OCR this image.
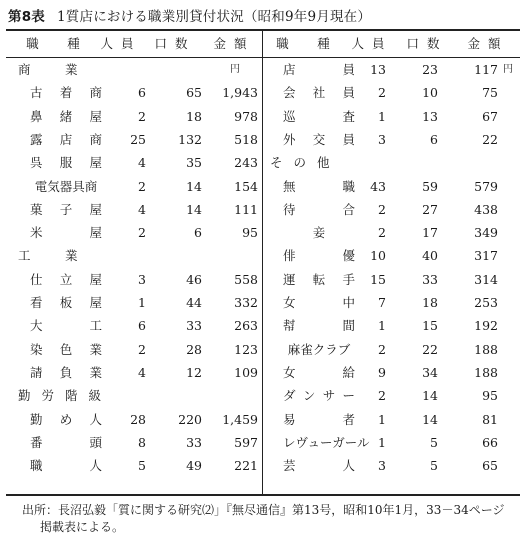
第8表 1質店における職業別貸付状況（昭和9年9月現在）
職　種	人員	口数	金額	職　種	人員	口数	金額
円	円
商　業
古着商	6	65	1,943
鼻緒屋	2	18	978
露店商	25	132	518
呉服屋	4	35	243
電気器具商	2	14	154
菓子屋	4	14	111
米　屋	2	6	95
工　業
仕立屋	3	46	558
看板屋	1	44	332
大　工	6	33	263
染色業	2	28	123
請負業	4	12	109
勤労階級
勤め人	28	220	1,459
番　頭	8	33	597
職　人	5	49	221
店　員	13	23	117
会社員	2	10	75
巡　査	1	13	67
外交員	3	6	22
その他
無　職	43	59	579
待　合	2	27	438
妾	2	17	349
俳　優	10	40	317
運転手	15	33	314
女　中	7	18	253
幇　間	1	15	192
麻雀クラブ	2	22	188
女　給	9	34	188
ダンサー	2	14	95
易　者	1	14	81
レヴューガール 1	5	66
芸　人	3	5	65
出所：長沼弘毅「質に関する研究⑵」『無尽通信』第13号，昭和10年1月，33－34ページ掲載表による。
